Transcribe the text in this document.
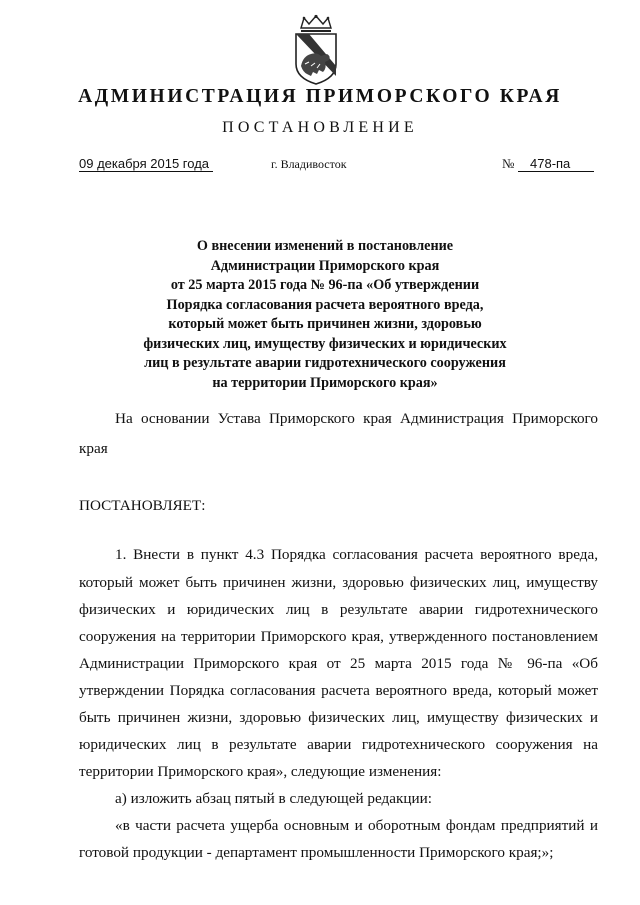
АДМИНИСТРАЦИЯ ПРИМОРСКОГО КРАЯ
ПОСТАНОВЛЕНИЕ
09 декабря 2015 года	г. Владивосток	№	478-па
О внесении изменений в постановление
Администрации Приморского края
от 25 марта 2015 года № 96-па «Об утверждении
Порядка согласования расчета вероятного вреда,
который может быть причинен жизни, здоровью
физических лиц, имуществу физических и юридических
лиц в результате аварии гидротехнического сооружения
на территории Приморского края»
На основании Устава Приморского края Администрация Приморского
края
ПОСТАНОВЛЯЕТ:
1. Внести в пункт 4.3 Порядка согласования расчета вероятного вреда,
который может быть причинен жизни, здоровью физических лиц, имуществу
физических и юридических лиц в результате аварии гидротехнического
сооружения на территории Приморского края, утвержденного постановлением
Администрации Приморского края от 25 марта 2015 года № 96-па «Об
утверждении Порядка согласования расчета вероятного вреда, который может
быть причинен жизни, здоровью физических лиц, имуществу физических и
юридических лиц в результате аварии гидротехнического сооружения на
территории Приморского края», следующие изменения:
а) изложить абзац пятый в следующей редакции:
«в части расчета ущерба основным и оборотным фондам предприятий и
готовой продукции - департамент промышленности Приморского края;»;
